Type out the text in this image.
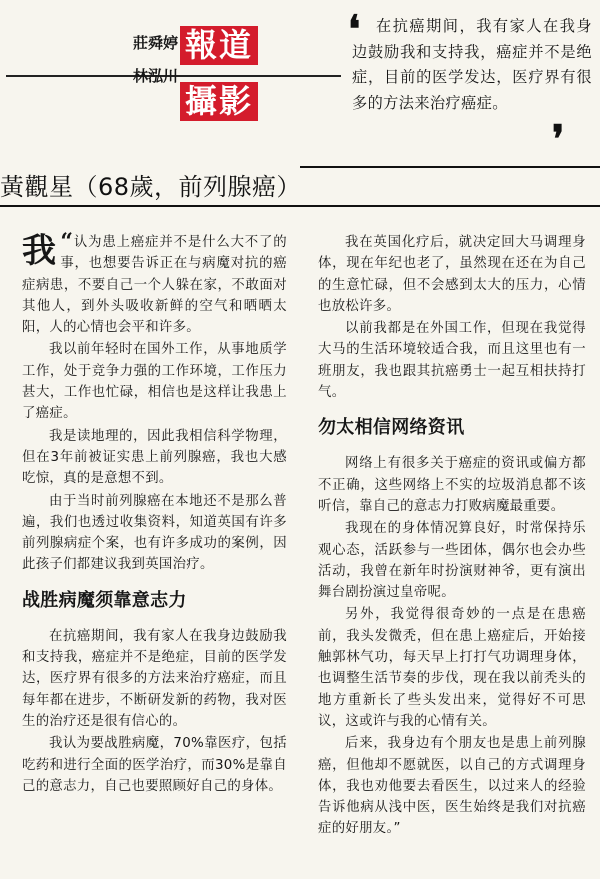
莊舜婷
林泓川
報道
攝影
❛	在抗癌期间，我有家人在我身边鼓励我和支持我，癌症并不是绝症，目前的医学发达，医疗界有很多的方法来治疗癌症。

❜
黃觀星（68歲，前列腺癌）

“
我 认为患上癌症并不是什么大不了的事，也想要告诉正在与病魔对抗的癌症病患，不要自己一个人躲在家，不敢面对其他人，到外头吸收新鲜的空气和晒晒太阳，人的心情也会平和许多。

我以前年轻时在国外工作，从事地质学工作，处于竞争力强的工作环境，工作压力甚大，工作也忙碌，相信也是这样让我患上了癌症。

我是读地理的，因此我相信科学物理，但在3年前被证实患上前列腺癌，我也大感吃惊，真的是意想不到。

由于当时前列腺癌在本地还不是那么普遍，我们也透过收集资料，知道英国有许多前列腺病症个案，也有许多成功的案例，因此孩子们都建议我到英国治疗。

战胜病魔须靠意志力

在抗癌期间，我有家人在我身边鼓励我和支持我，癌症并不是绝症，目前的医学发达，医疗界有很多的方法来治疗癌症，而且每年都在进步，不断研发新的药物，我对医生的治疗还是很有信心的。

我认为要战胜病魔，70%靠医疗，包括吃药和进行全面的医学治疗，而30%是靠自己的意志力，自己也要照顾好自己的身体。

我在英国化疗后，就决定回大马调理身体，现在年纪也老了，虽然现在还在为自己的生意忙碌，但不会感到太大的压力，心情也放松许多。

以前我都是在外国工作，但现在我觉得大马的生活环境较适合我，而且这里也有一班朋友，我也跟其抗癌勇士一起互相扶持打气。

勿太相信网络资讯

网络上有很多关于癌症的资讯或偏方都不正确，这些网络上不实的垃圾消息都不该听信，靠自己的意志力打败病魔最重要。

我现在的身体情况算良好，时常保持乐观心态，活跃参与一些团体，偶尔也会办些活动，我曾在新年时扮演财神爷，更有演出舞台剧扮演过皇帝呢。

另外，我觉得很奇妙的一点是在患癌前，我头发微秃，但在患上癌症后，开始接触郭林气功，每天早上打打气功调理身体，也调整生活节奏的步伐，现在我以前秃头的地方重新长了些头发出来，觉得好不可思议，这或许与我的心情有关。

后来，我身边有个朋友也是患上前列腺癌，但他却不愿就医，以自己的方式调理身体，我也劝他要去看医生，以过来人的经验告诉他病从浅中医，医生始终是我们对抗癌症的好朋友。”
